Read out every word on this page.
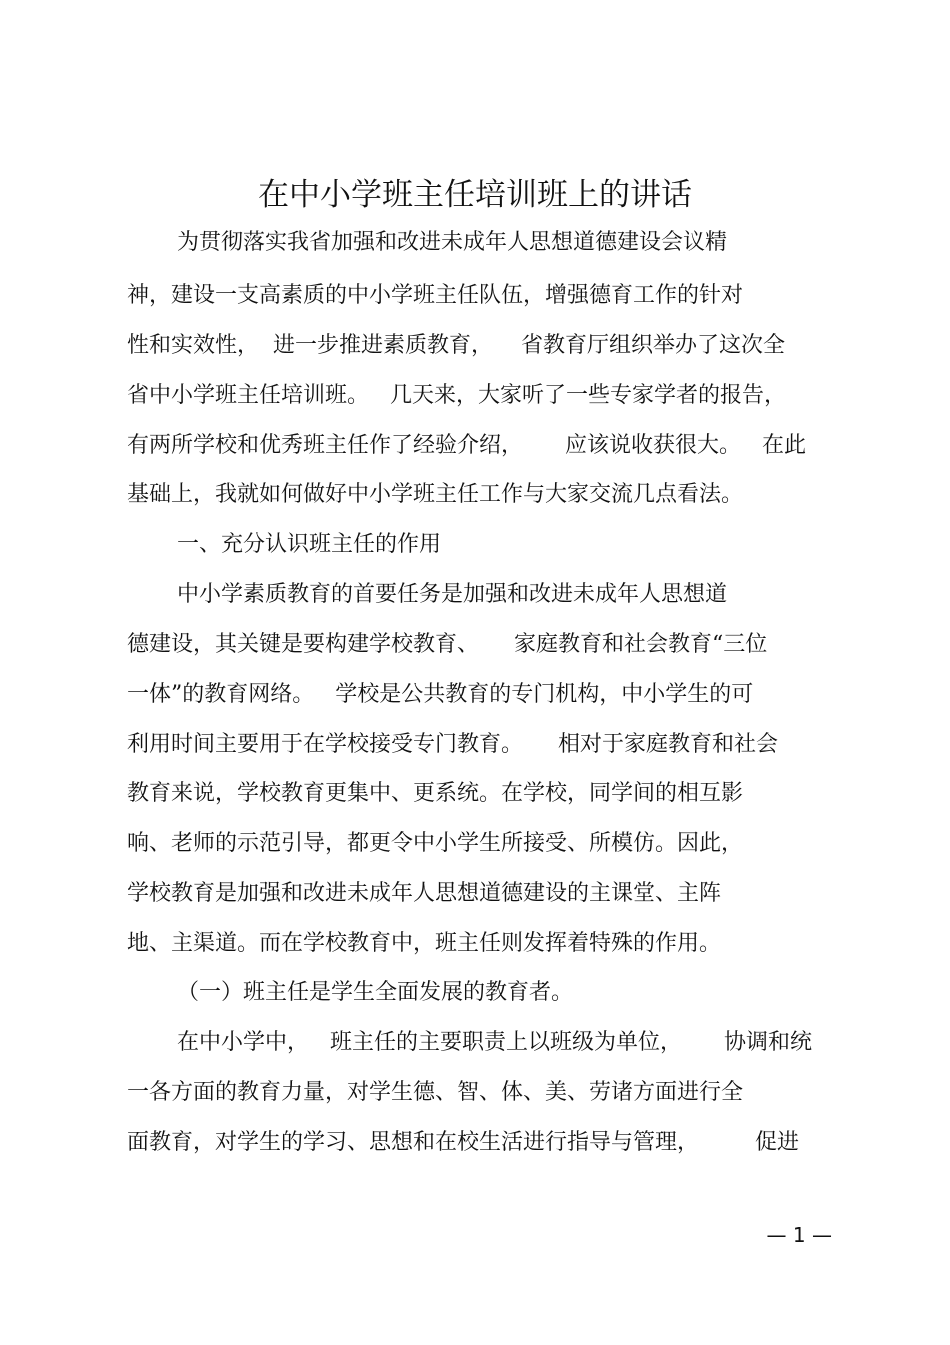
在中小学班主任培训班上的讲话
为贯彻落实我省加强和改进未成年人思想道德建设会议精
神，建设一支高素质的中小学班主任队伍，增强德育工作的针对
性和实效性，  进一步推进素质教育，    省教育厅组织举办了这次全
省中小学班主任培训班。   几天来，大家听了一些专家学者的报告，
有两所学校和优秀班主任作了经验介绍，      应该说收获很大。   在此
基础上，我就如何做好中小学班主任工作与大家交流几点看法。
一、充分认识班主任的作用
中小学素质教育的首要任务是加强和改进未成年人思想道
德建设，其关键是要构建学校教育、     家庭教育和社会教育“三位
一体”的教育网络。   学校是公共教育的专门机构，中小学生的可
利用时间主要用于在学校接受专门教育。     相对于家庭教育和社会
教育来说，学校教育更集中、更系统。在学校，同学间的相互影
响、老师的示范引导，都更令中小学生所接受、所模仿。因此，
学校教育是加强和改进未成年人思想道德建设的主课堂、主阵
地、主渠道。而在学校教育中，班主任则发挥着特殊的作用。
（一）班主任是学生全面发展的教育者。
在中小学中，   班主任的主要职责上以班级为单位，      协调和统
一各方面的教育力量，对学生德、智、体、美、劳诸方面进行全
面教育，对学生的学习、思想和在校生活进行指导与管理，        促进
— 1 —
